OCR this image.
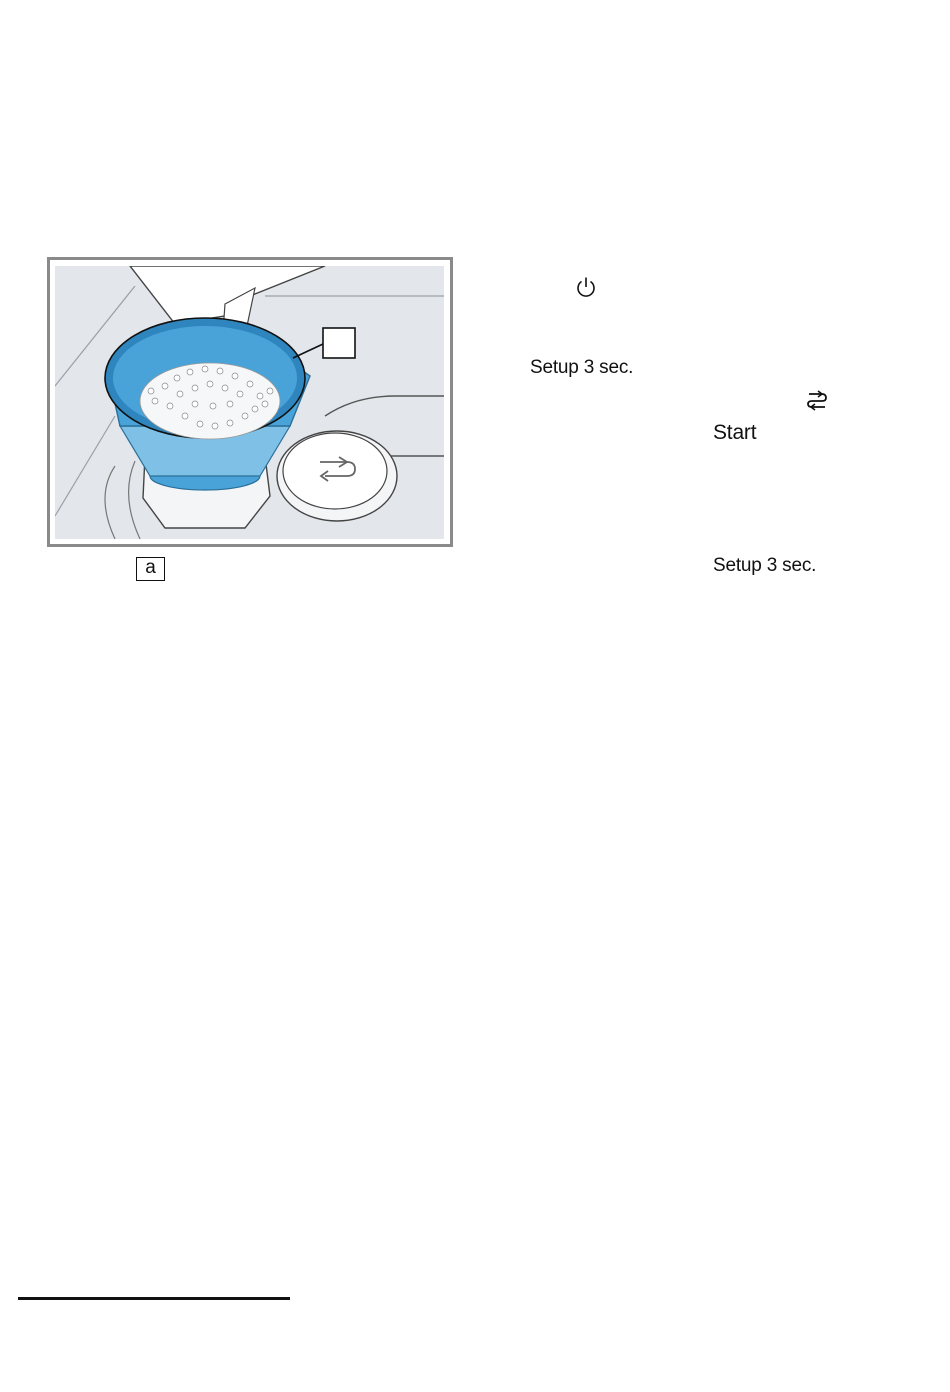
a
Setup 3 sec.
Start
Setup 3 sec.
